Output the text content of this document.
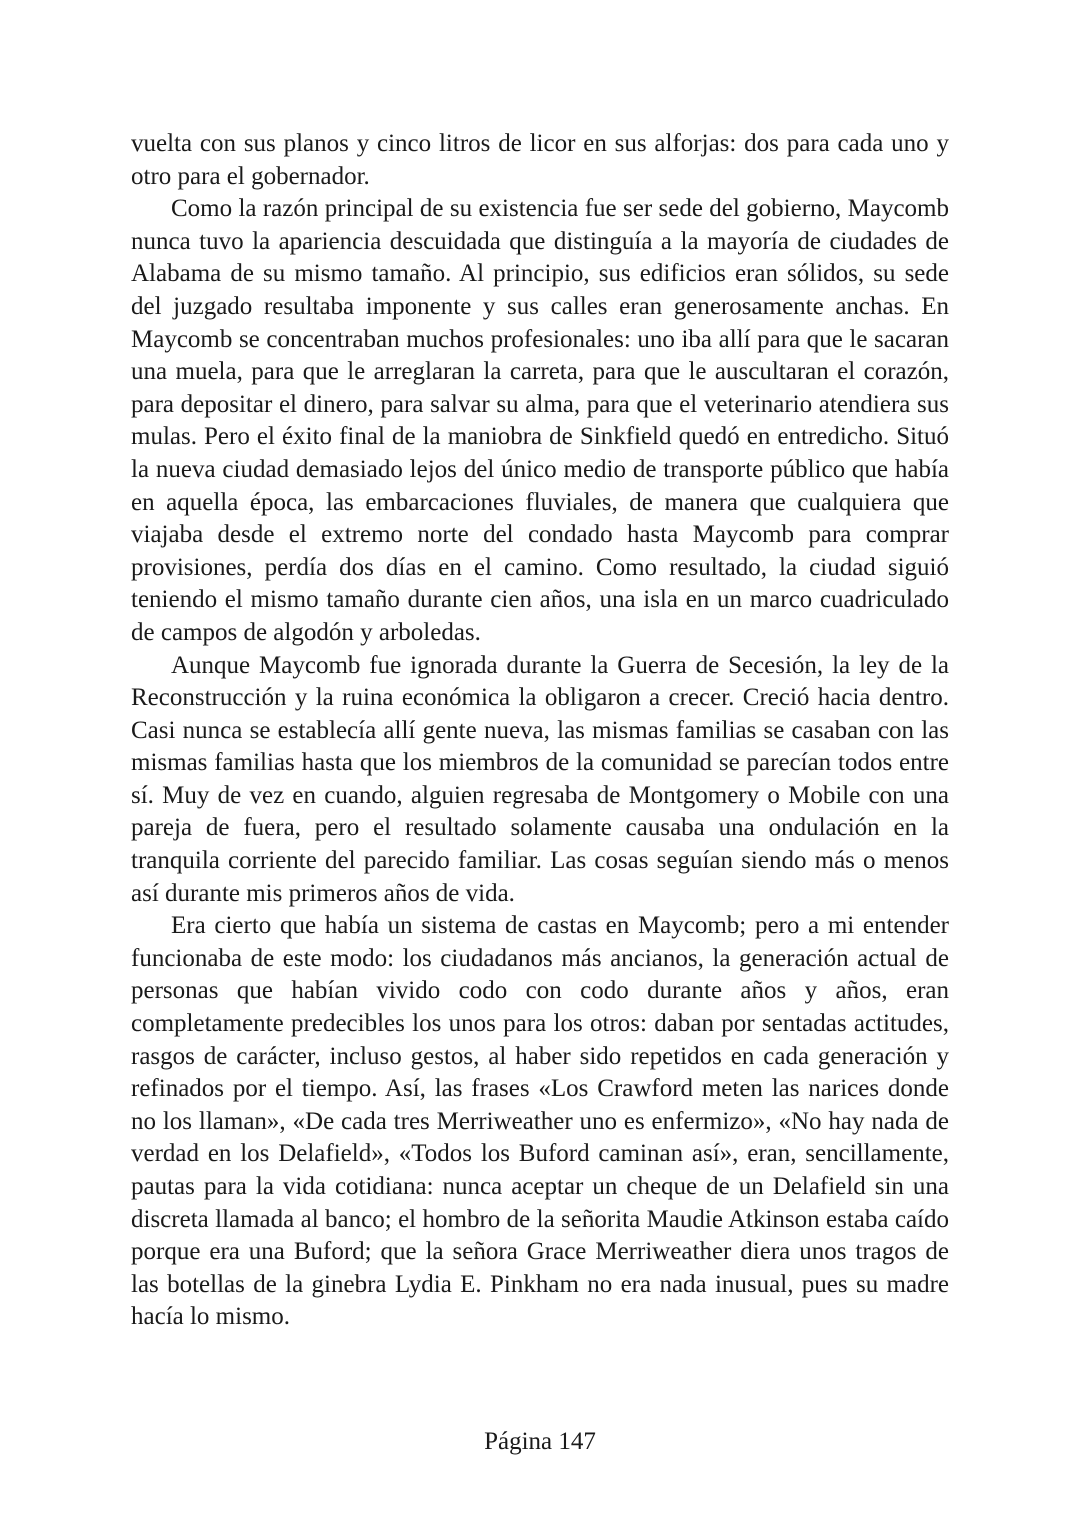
vuelta con sus planos y cinco litros de licor en sus alforjas: dos para cada uno y otro para el gobernador.

Como la razón principal de su existencia fue ser sede del gobierno, Maycomb nunca tuvo la apariencia descuidada que distinguía a la mayoría de ciudades de Alabama de su mismo tamaño. Al principio, sus edificios eran sólidos, su sede del juzgado resultaba imponente y sus calles eran generosamente anchas. En Maycomb se concentraban muchos profesionales: uno iba allí para que le sacaran una muela, para que le arreglaran la carreta, para que le auscultaran el corazón, para depositar el dinero, para salvar su alma, para que el veterinario atendiera sus mulas. Pero el éxito final de la maniobra de Sinkfield quedó en entredicho. Situó la nueva ciudad demasiado lejos del único medio de transporte público que había en aquella época, las embarcaciones fluviales, de manera que cualquiera que viajaba desde el extremo norte del condado hasta Maycomb para comprar provisiones, perdía dos días en el camino. Como resultado, la ciudad siguió teniendo el mismo tamaño durante cien años, una isla en un marco cuadriculado de campos de algodón y arboledas.

Aunque Maycomb fue ignorada durante la Guerra de Secesión, la ley de la Reconstrucción y la ruina económica la obligaron a crecer. Creció hacia dentro. Casi nunca se establecía allí gente nueva, las mismas familias se casaban con las mismas familias hasta que los miembros de la comunidad se parecían todos entre sí. Muy de vez en cuando, alguien regresaba de Montgomery o Mobile con una pareja de fuera, pero el resultado solamente causaba una ondulación en la tranquila corriente del parecido familiar. Las cosas seguían siendo más o menos así durante mis primeros años de vida.

Era cierto que había un sistema de castas en Maycomb; pero a mi entender funcionaba de este modo: los ciudadanos más ancianos, la generación actual de personas que habían vivido codo con codo durante años y años, eran completamente predecibles los unos para los otros: daban por sentadas actitudes, rasgos de carácter, incluso gestos, al haber sido repetidos en cada generación y refinados por el tiempo. Así, las frases «Los Crawford meten las narices donde no los llaman», «De cada tres Merriweather uno es enfermizo», «No hay nada de verdad en los Delafield», «Todos los Buford caminan así», eran, sencillamente, pautas para la vida cotidiana: nunca aceptar un cheque de un Delafield sin una discreta llamada al banco; el hombro de la señorita Maudie Atkinson estaba caído porque era una Buford; que la señora Grace Merriweather diera unos tragos de las botellas de la ginebra Lydia E. Pinkham no era nada inusual, pues su madre hacía lo mismo.

Página 147
